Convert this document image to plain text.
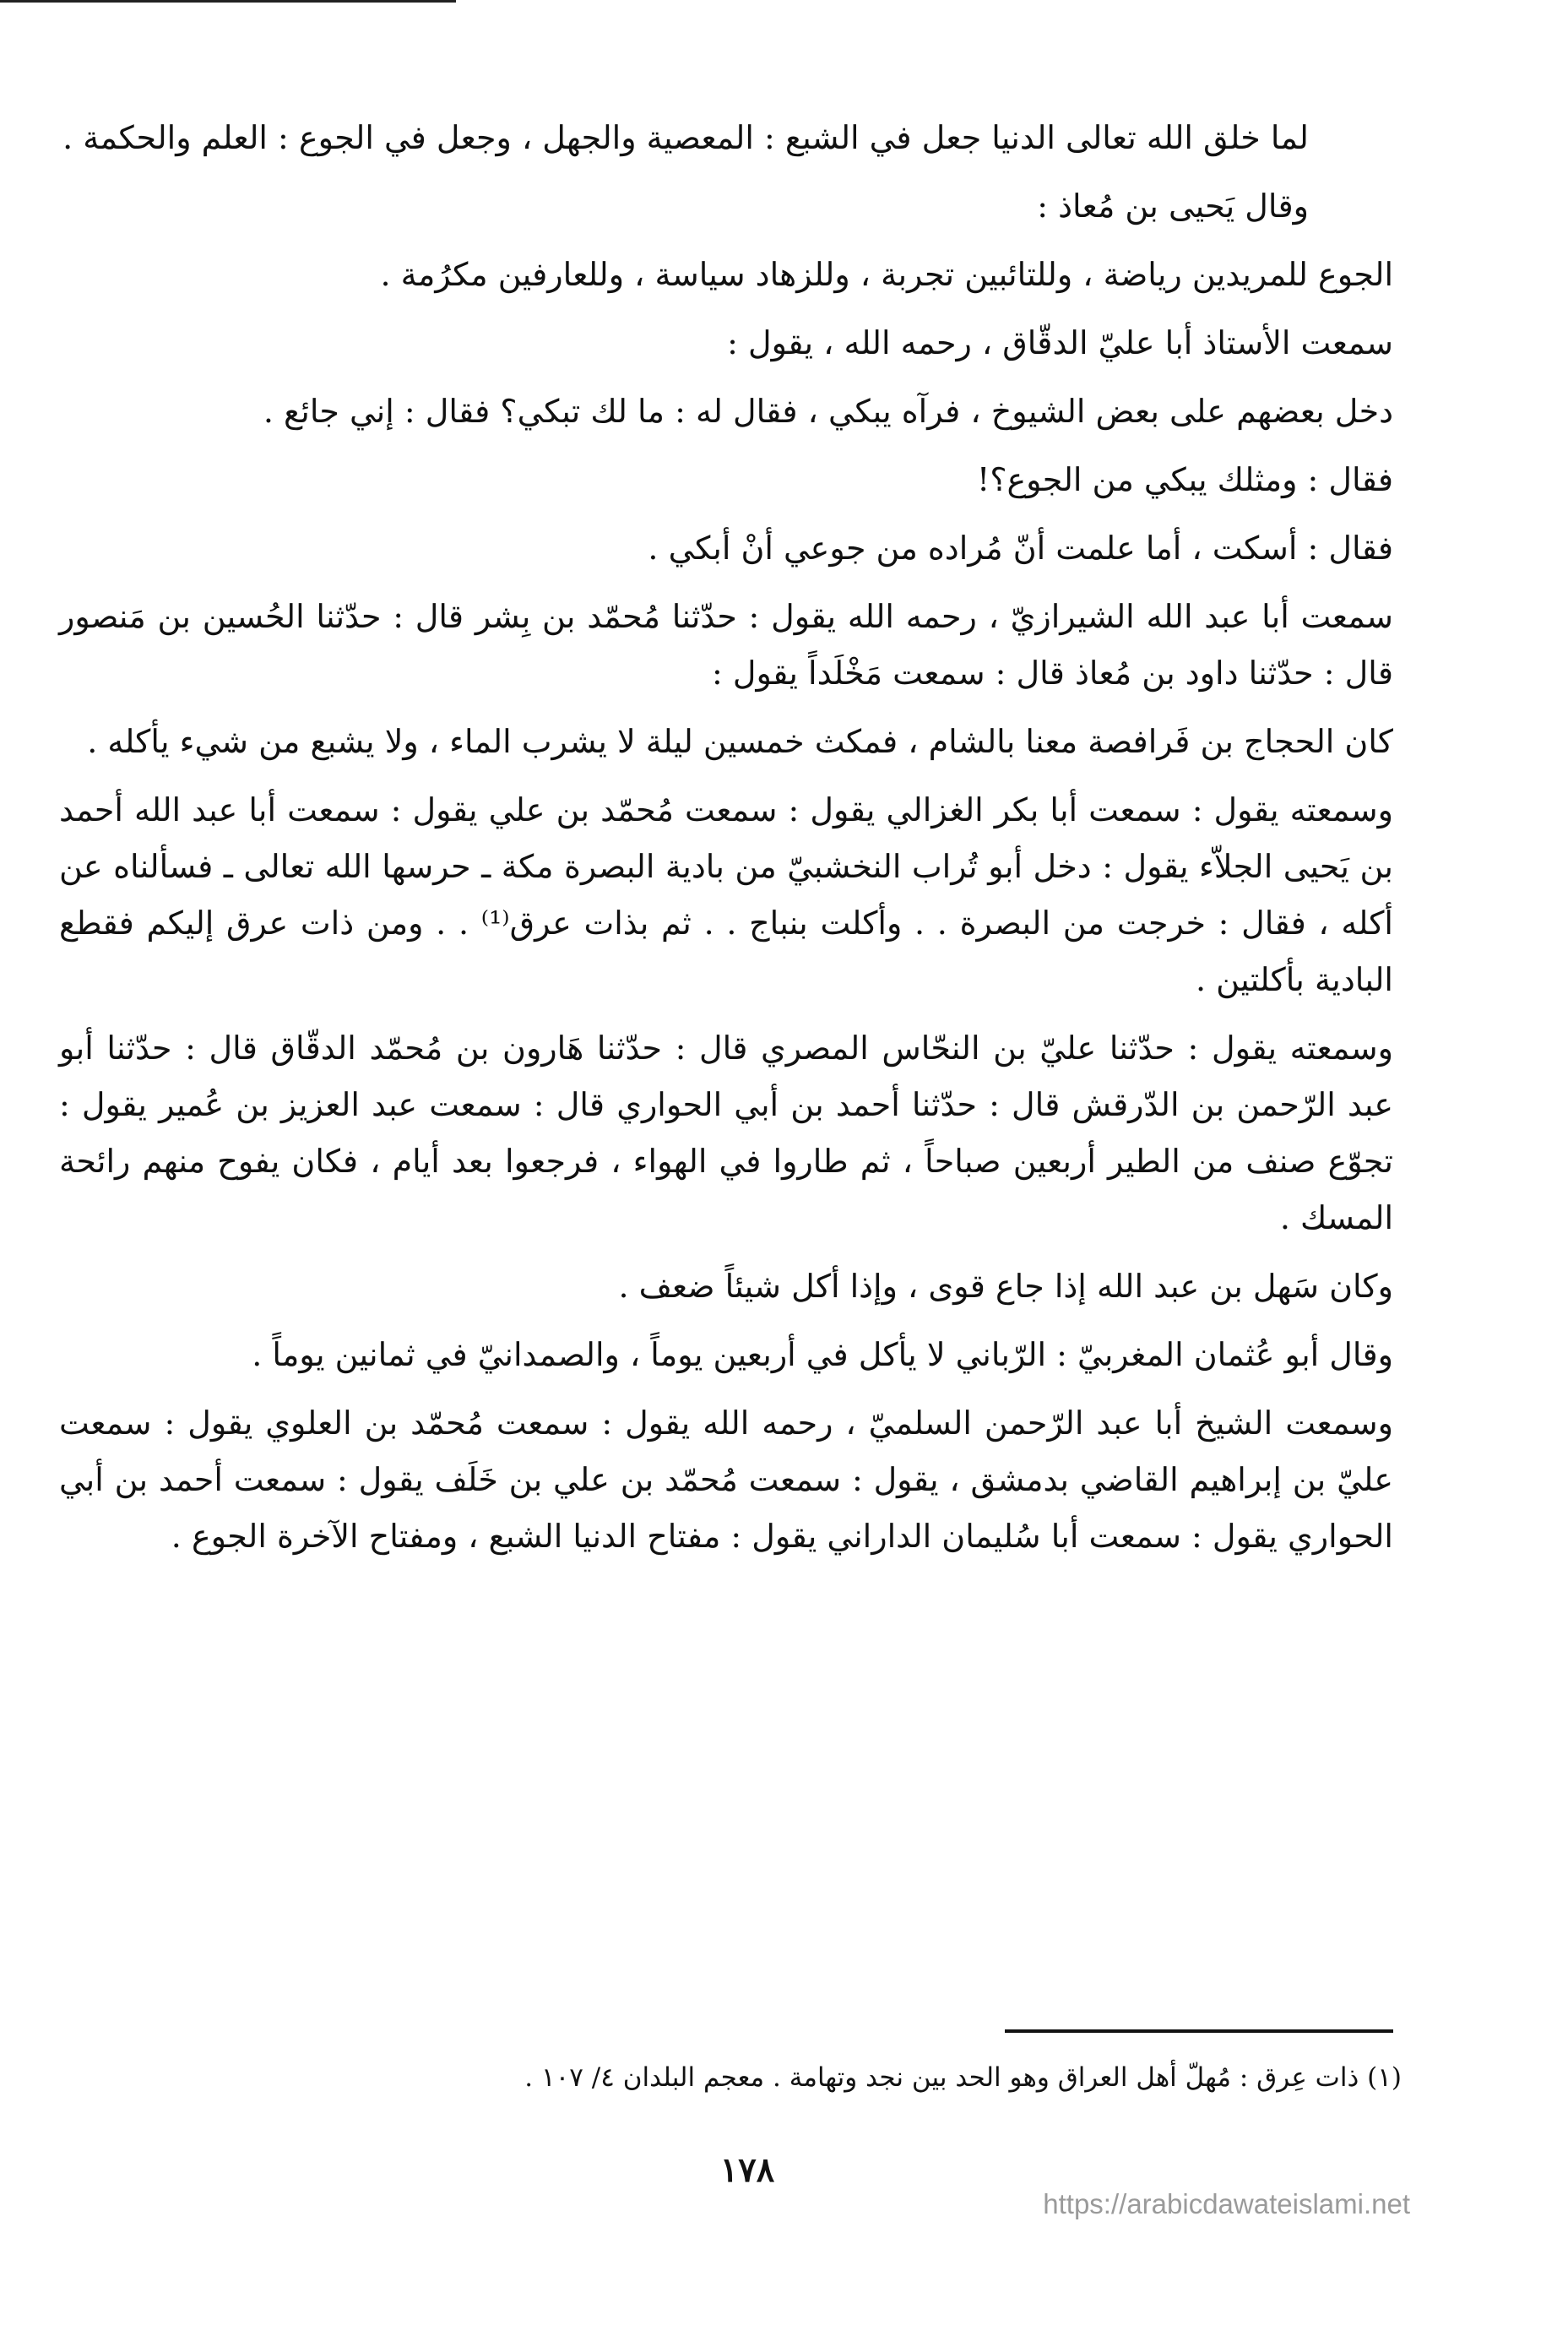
لما خلق الله تعالى الدنيا جعل في الشبع : المعصية والجهل ، وجعل في الجوع : العلم والحكمة .

وقال يَحيى بن مُعاذ :

الجوع للمريدين رياضة ، وللتائبين تجربة ، وللزهاد سياسة ، وللعارفين مكرُمة .

سمعت الأستاذ أبا عليّ الدقّاق ، رحمه الله ، يقول :

دخل بعضهم على بعض الشيوخ ، فرآه يبكي ، فقال له : ما لك تبكي؟ فقال : إني جائع .

فقال : ومثلك يبكي من الجوع؟!

فقال : أسكت ، أما علمت أنّ مُراده من جوعي أنْ أبكي .

سمعت أبا عبد الله الشيرازيّ ، رحمه الله يقول : حدّثنا مُحمّد بن بِشر قال : حدّثنا الحُسين بن مَنصور قال : حدّثنا داود بن مُعاذ قال : سمعت مَخْلَداً يقول :

كان الحجاج بن فَرافصة معنا بالشام ، فمكث خمسين ليلة لا يشرب الماء ، ولا يشبع من شيء يأكله .

وسمعته يقول : سمعت أبا بكر الغزالي يقول : سمعت مُحمّد بن علي يقول : سمعت أبا عبد الله أحمد بن يَحيى الجلاّء يقول : دخل أبو تُراب النخشبيّ من بادية البصرة مكة ـ حرسها الله تعالى ـ فسألناه عن أكله ، فقال : خرجت من البصرة . . وأكلت بنباج . . ثم بذات عرق⁽¹⁾ . . ومن ذات عرق إليكم فقطع البادية بأكلتين .

وسمعته يقول : حدّثنا عليّ بن النحّاس المصري قال : حدّثنا هَارون بن مُحمّد الدقّاق قال : حدّثنا أبو عبد الرّحمن بن الدّرقش قال : حدّثنا أحمد بن أبي الحواري قال : سمعت عبد العزيز بن عُمير يقول : تجوّع صنف من الطير أربعين صباحاً ، ثم طاروا في الهواء ، فرجعوا بعد أيام ، فكان يفوح منهم رائحة المسك .

وكان سَهل بن عبد الله إذا جاع قوى ، وإذا أكل شيئاً ضعف .

وقال أبو عُثمان المغربيّ : الرّباني لا يأكل في أربعين يوماً ، والصمدانيّ في ثمانين يوماً .

وسمعت الشيخ أبا عبد الرّحمن السلميّ ، رحمه الله يقول : سمعت مُحمّد بن العلوي يقول : سمعت عليّ بن إبراهيم القاضي بدمشق ، يقول : سمعت مُحمّد بن علي بن خَلَف يقول : سمعت أحمد بن أبي الحواري يقول : سمعت أبا سُليمان الداراني يقول : مفتاح الدنيا الشبع ، ومفتاح الآخرة الجوع .

(١) ذات عِرق : مُهلّ أهل العراق وهو الحد بين نجد وتهامة . معجم البلدان ٤/ ١٠٧ .
١٧٨
https://arabicdawateislami.net
